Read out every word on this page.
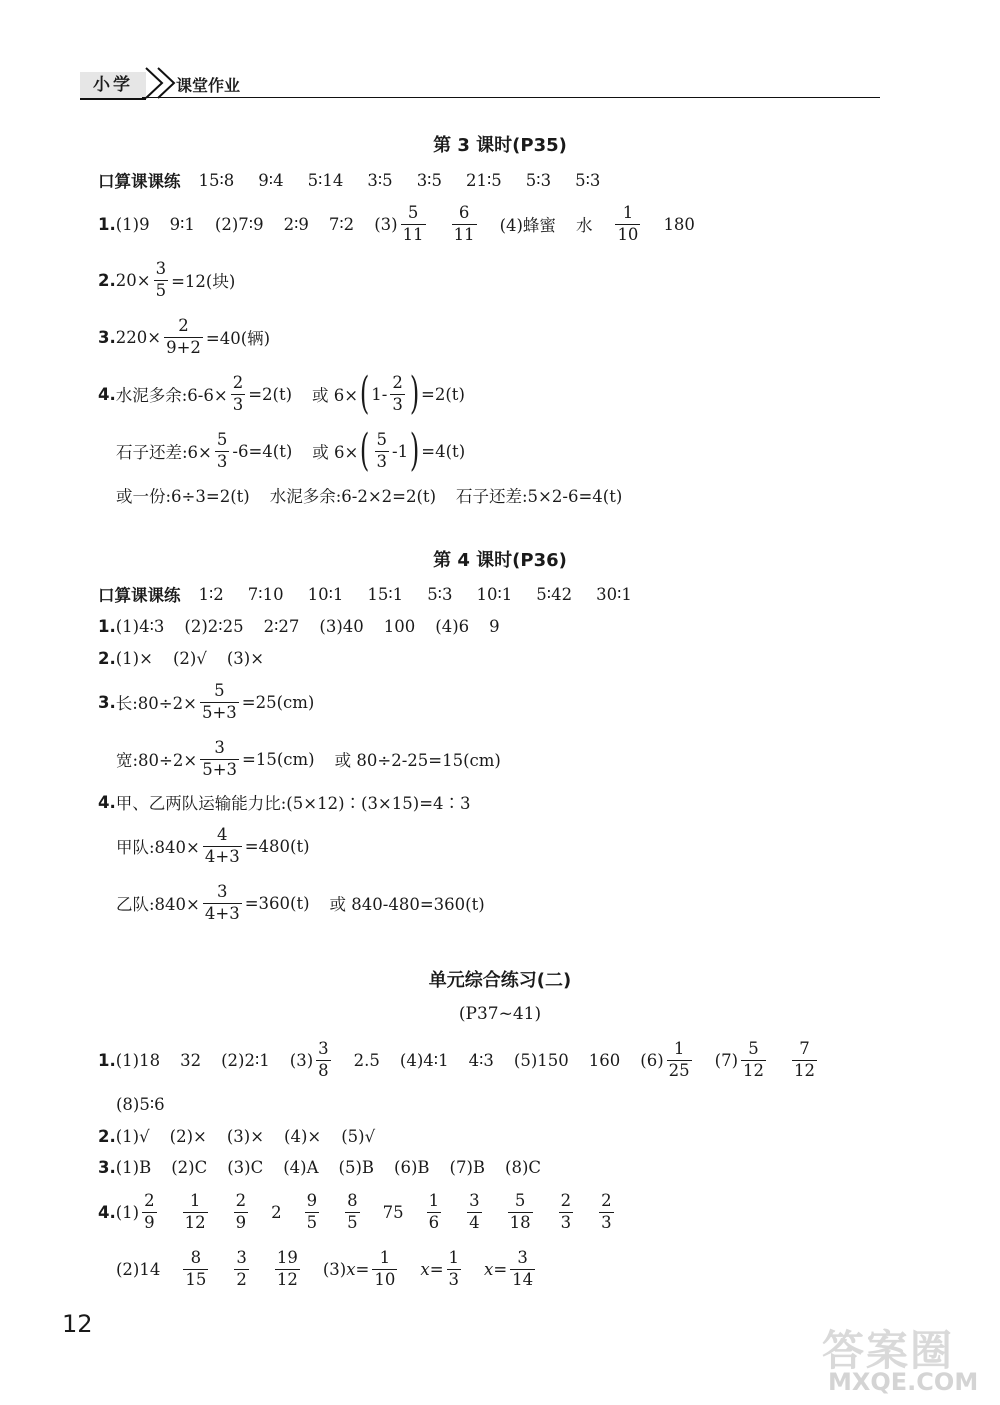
小学	课堂作业
第 3 课时(P35)
口算课课练 15∶8 9∶4 5∶14 3∶5 3∶5 21∶5 5∶3 5∶3
1. (1)9 9∶1 (2)7∶9 2∶9 7∶2 $(3) \frac{5}{11} \frac{6}{11} (4)$蜂蜜 水 $\frac{1}{10} 180$
2. $20\times \frac{3}{5} =12$(块)
3. $220\times \frac{2}{9+2} =40$(辆)
4. 水泥多余:6-6× $\frac{2}{3} =2(t)$ 或 6× ( $1- \frac{2}{3}$ ) =2(t)
石子还差:6× $\frac{5}{3} -6=4(t)$ 或 6× ( $\frac{5}{3} -1$ ) =4(t)
或一份:6÷3=2(t) 水泥多余:6-2×2=2(t) 石子还差:5×2-6=4(t)
第 4 课时(P36)
口算课课练 1∶2 7∶10 10∶1 15∶1 5∶3 10∶1 5∶42 30∶1
1. (1)4∶3 (2)2∶25 2∶27 (3)40 100 (4)6 9
2. (1)× (2)√ (3)×
3. 长:80÷2× $\frac{5}{5+3} =25(cm)$
宽:80÷2× $\frac{3}{5+3} =15(cm)$ 或 80÷2-25=15(cm)
4. 甲、乙两队运输能力比:(5×12)∶(3×15)=4∶3
甲队:840× $\frac{4}{4+3} =480(t)$
乙队:840× $\frac{3}{4+3} =360(t)$ 或 840-480=360(t)
单元综合练习(二)
(P37~41)
1. (1)18 32 (2)2∶1 $(3) \frac{3}{8} 2.5$ (4)4∶1 4∶3 (5)150 160 $(6) \frac{1}{25} (7) \frac{5}{12} \frac{7}{12}$
(8)5∶6
2. (1)√ (2)× (3)× (4)× (5)√
3. (1)B (2)C (3)C (4)A (5)B (6)B (7)B (8)C
4. $(1) \frac{2}{9} \frac{1}{12} \frac{2}{9} 2 \frac{9}{5} \frac{8}{5} 75 \frac{1}{6} \frac{3}{4} \frac{5}{18} \frac{2}{3} \frac{2}{3}$
$(2)14 \frac{8}{15} \frac{3}{2} \frac{19}{12} (3)$ $x= \frac{1}{10} x= \frac{1}{3} x= \frac{3}{14}$
12
答案圈
MXQE.COM
